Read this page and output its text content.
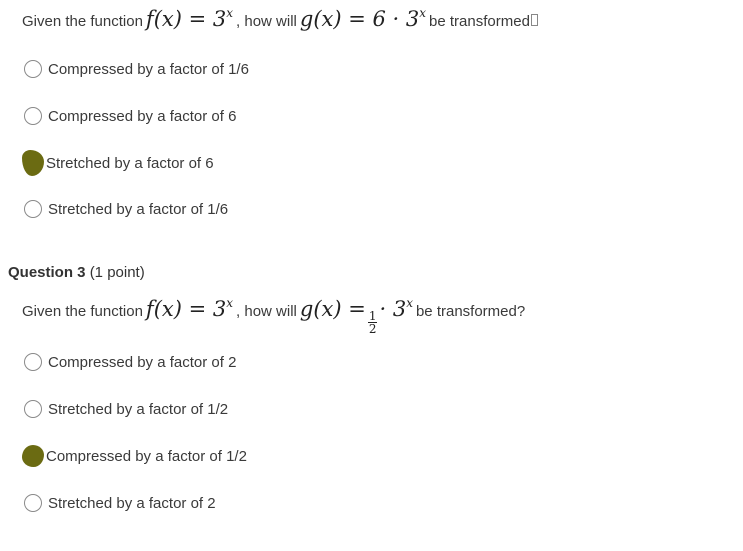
Given the function $f(x) = 3^x$ , how will $g(x) = 6 \cdot 3^x$ be transformed
Compressed by a factor of 1/6
Compressed by a factor of 6
Stretched by a factor of 6
Stretched by a factor of 1/6
Question 3 (1 point)
Given the function $f(x) = 3^x$ , how will g(x) =
$\frac{1}{2}$
· $3^x$ be transformed?
Compressed by a factor of 2
Stretched by a factor of 1/2
Compressed by a factor of 1/2
Stretched by a factor of 2
